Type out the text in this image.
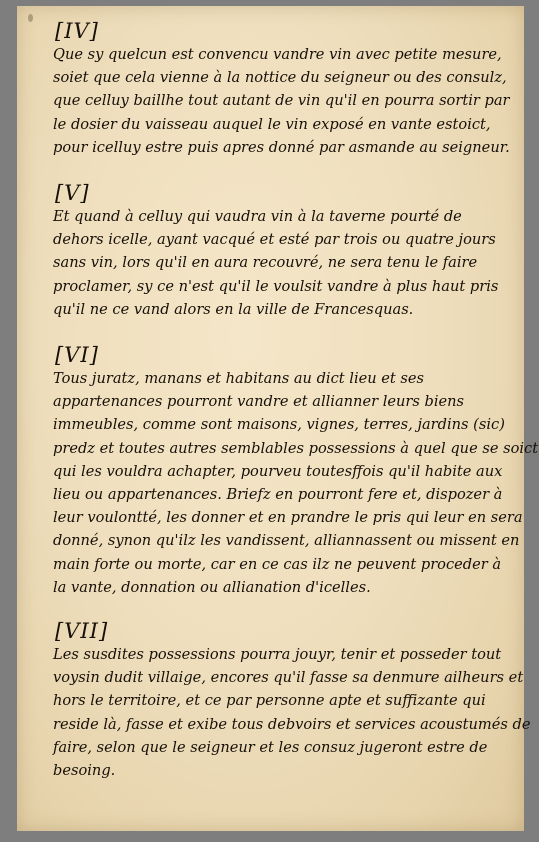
[IV]

Que sy quelcun est convencu vandre vin avec petite mesure,
soiet que cela vienne à la nottice du seigneur ou des consulz,
que celluy baillhe tout autant de vin qu'il en pourra sortir par
le dosier du vaisseau auquel le vin exposé en vante estoict,
pour icelluy estre puis apres donné par asmande au seigneur.

[V]

Et quand à celluy qui vaudra vin à la taverne pourté de
dehors icelle, ayant vacqué et esté par trois ou quatre jours
sans vin, lors qu'il en aura recouvré, ne sera tenu le faire
proclamer, sy ce n'est qu'il le voulsit vandre à plus haut pris
qu'il ne ce vand alors en la ville de Francesquas.

[VI]

Tous juratz, manans et habitans au dict lieu et ses
appartenances pourront vandre et allianner leurs biens
immeubles, comme sont maisons, vignes, terres, jardins (sic)
predz et toutes autres semblables possessions à quel que se soict
qui les vouldra achapter, pourveu toutesffois qu'il habite aux
lieu ou appartenances. Briefz en pourront fere et, dispozer à
leur voulontté, les donner et en prandre le pris qui leur en sera
donné, synon qu'ilz les vandissent, alliannassent ou missent en
main forte ou morte, car en ce cas ilz ne peuvent proceder à
la vante, donnation ou allianation d'icelles.

[VII]

Les susdites possessions pourra jouyr, tenir et posseder tout
voysin dudit villaige, encores qu'il fasse sa denmure ailheurs et
hors le territoire, et ce par personne apte et suffizante qui
reside là, fasse et exibe tous debvoirs et services acoustumés de
faire, selon que le seigneur et les consuz jugeront estre de
besoing.
